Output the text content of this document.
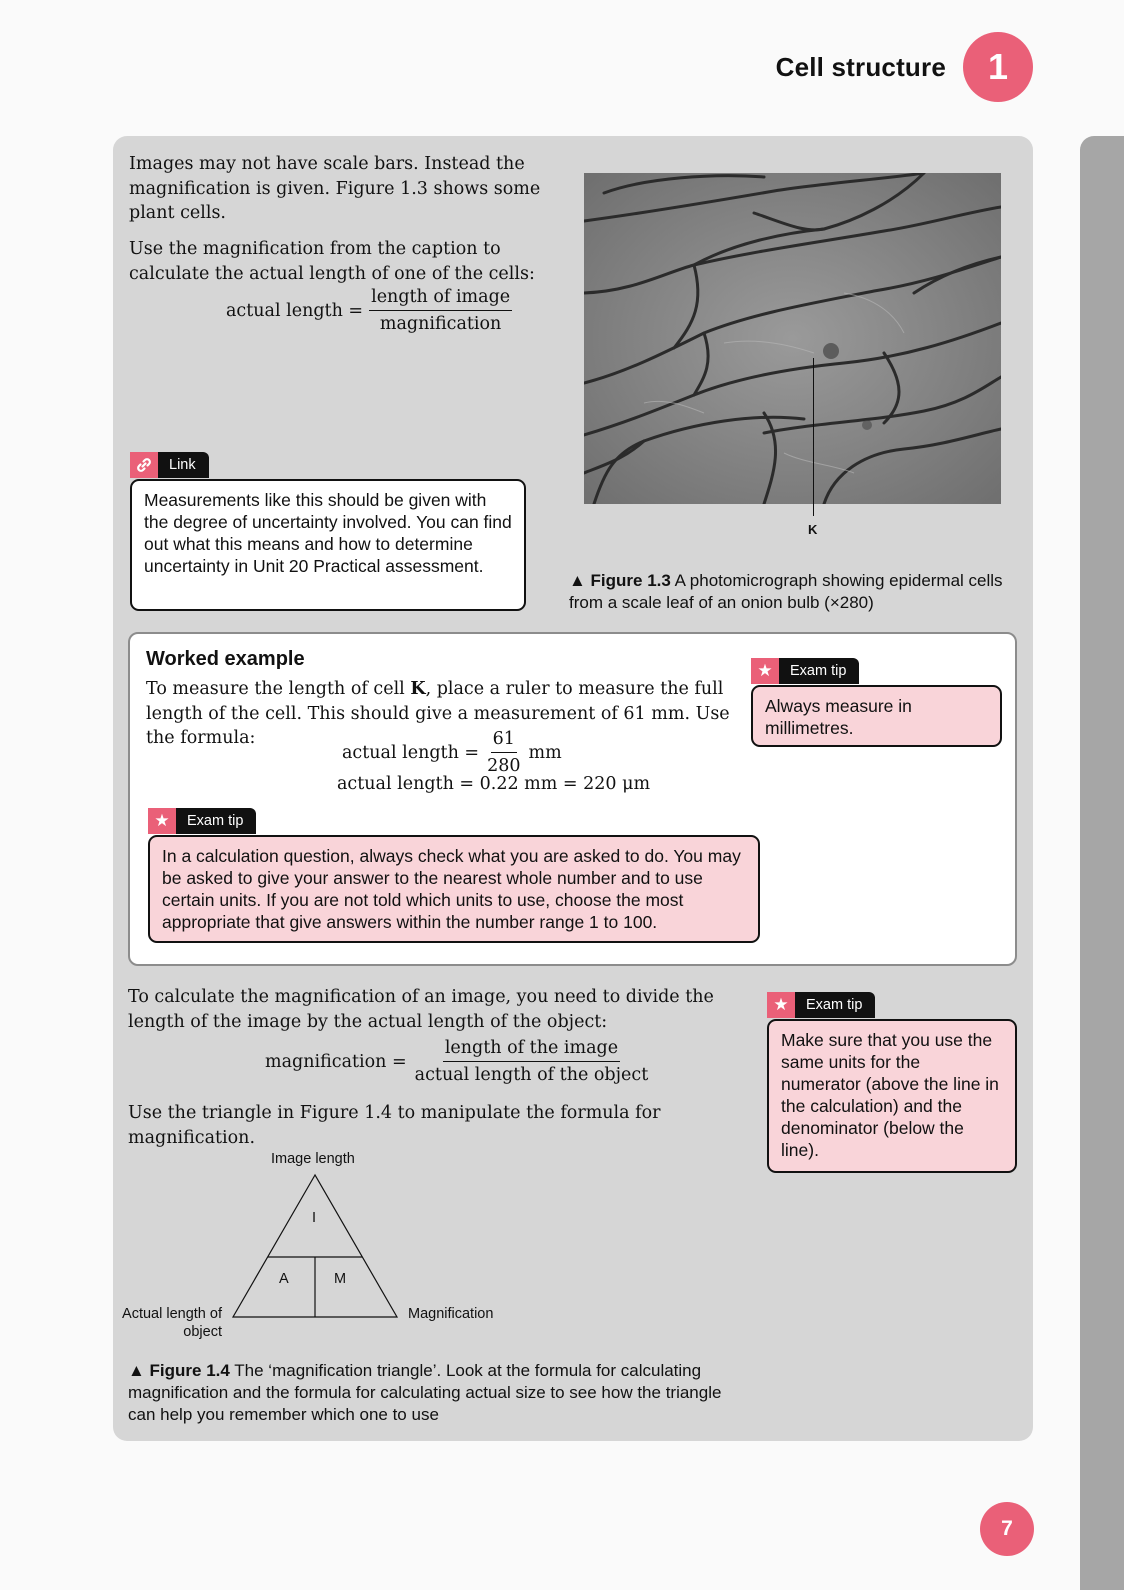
Cell structure	1
Images may not have scale bars. Instead the magnification is given. Figure 1.3 shows some plant cells.
Use the magnification from the caption to calculate the actual length of one of the cells:
actual length = $\frac{\text{length of image}}{\text{magnification}}$
K
▲ Figure 1.3 A photomicrograph showing epidermal cells from a scale leaf of an onion bulb (×280)
Link
Measurements like this should be given with the degree of uncertainty involved. You can find out what this means and how to determine uncertainty in Unit 20 Practical assessment.
Worked example
To measure the length of cell K, place a ruler to measure the full length of the cell. This should give a measurement of 61 mm. Use the formula:
actual length = $\frac{61}{280}$ mm
actual length = 0.22 mm = 220 μm
★	Exam tip
Always measure in millimetres.
★	Exam tip
In a calculation question, always check what you are asked to do. You may be asked to give your answer to the nearest whole number and to use certain units. If you are not told which units to use, choose the most appropriate that give answers within the number range 1 to 100.
To calculate the magnification of an image, you need to divide the length of the image by the actual length of the object:
magnification = $\frac{\text{length of the image}}{\text{actual length of the object}}$
Use the triangle in Figure 1.4 to manipulate the formula for magnification.
★	Exam tip
Make sure that you use the same units for the numerator (above the line in the calculation) and the denominator (below the line).
Image length
I
A	M
Actual length of object
Magnification
▲ Figure 1.4 The ‘magnification triangle’. Look at the formula for calculating magnification and the formula for calculating actual size to see how the triangle can help you remember which one to use
7
